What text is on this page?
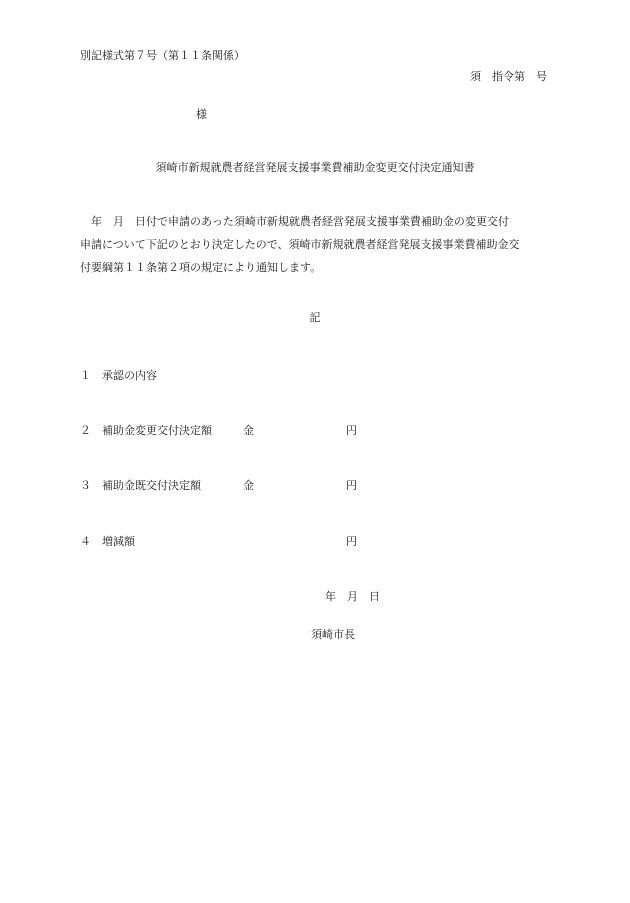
別記様式第７号（第１１条関係）
須　指令第　号
様
須崎市新規就農者経営発展支援事業費補助金変更交付決定通知書
　年　月　日付で申請のあった須崎市新規就農者経営発展支援事業費補助金の変更交付
申請について下記のとおり決定したので、須崎市新規就農者経営発展支援事業費補助金交
付要綱第１１条第２項の規定により通知します。
記
１ 承認の内容
２ 補助金変更交付決定額	金	円
３ 補助金既交付決定額	金	円
４ 増減額	円
年　月　日
須崎市長
